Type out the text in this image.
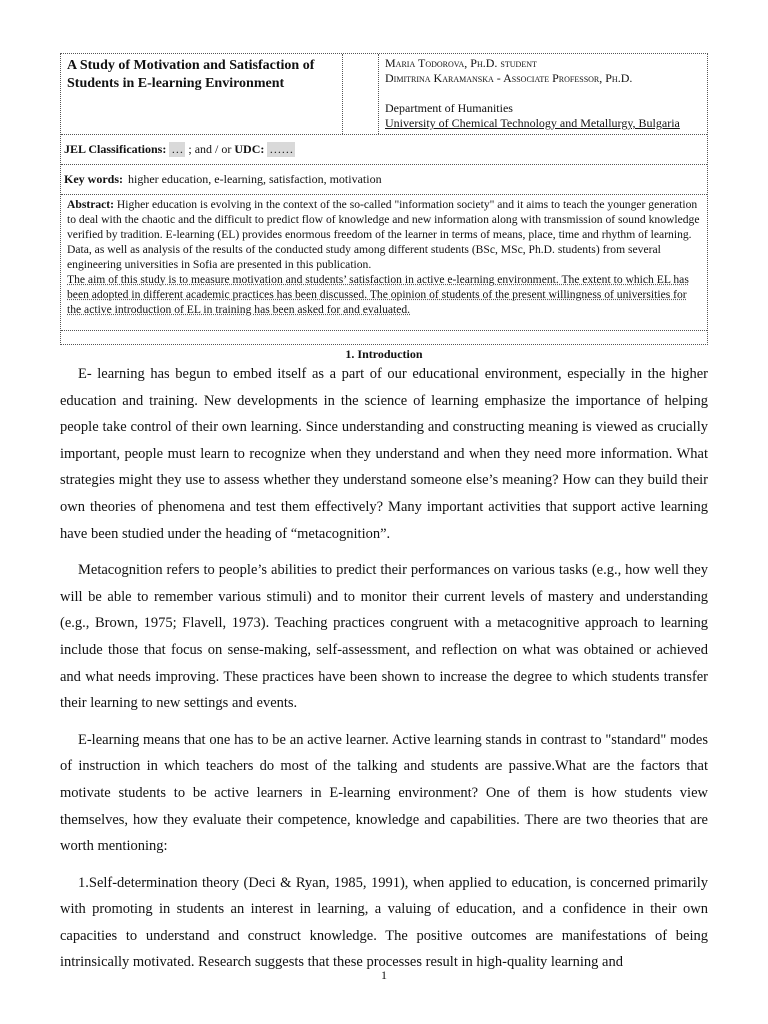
A Study of Motivation and Satisfaction of Students in E-learning Environment
Maria Todorova, Ph.D. student
Dimitrina Karamanska - Associate Professor, Ph.D.
Department of Humanities
University of Chemical Technology and Metallurgy, Bulgaria
JEL Classifications: … ; and / or
UDC: ……
Key words: higher education, e-learning, satisfaction, motivation

Abstract: Higher education is evolving in the context of the so-called "information society" and it aims to teach the younger generation to deal with the chaotic and the difficult to predict flow of knowledge and new information along with transmission of sound knowledge verified by tradition. E-learning (EL) provides enormous freedom of the learner in terms of means, place, time and rhythm of learning.

Data, as well as analysis of the results of the conducted study among different students (BSc, MSc, Ph.D. students) from several engineering universities in Sofia are presented in this publication.

The aim of this study is to measure motivation and students’ satisfaction in active e-learning environment. The extent to which EL has been adopted in different academic practices has been discussed. The opinion of students of the present willingness of universities for the active introduction of EL in training has been asked for and evaluated.

1. Introduction

E- learning has begun to embed itself as a part of our educational environment, especially in the higher education and training. New developments in the science of learning emphasize the importance of helping people take control of their own learning. Since understanding and constructing meaning is viewed as crucially important, people must learn to recognize when they understand and when they need more information. What strategies might they use to assess whether they understand someone else’s meaning? How can they build their own theories of phenomena and test them effectively? Many important activities that support active learning have been studied under the heading of “metacognition”.

Metacognition refers to people’s abilities to predict their performances on various tasks (e.g., how well they will be able to remember various stimuli) and to monitor their current levels of mastery and understanding (e.g., Brown, 1975; Flavell, 1973). Teaching practices congruent with a metacognitive approach to learning include those that focus on sense-making, self-assessment, and reflection on what was obtained or achieved and what needs improving. These practices have been shown to increase the degree to which students transfer their learning to new settings and events.

E-learning means that one has to be an active learner. Active learning stands in contrast to "standard" modes of instruction in which teachers do most of the talking and students are passive.What are the factors that motivate students to be active learners in E-learning environment? One of them is how students view themselves, how they evaluate their competence, knowledge and capabilities. There are two theories that are worth mentioning:

1.Self-determination theory (Deci & Ryan, 1985, 1991), when applied to education, is concerned primarily with promoting in students an interest in learning, a valuing of education, and a confidence in their own capacities to understand and construct knowledge. The positive outcomes are manifestations of being intrinsically motivated. Research suggests that these processes result in high-quality learning and

1
